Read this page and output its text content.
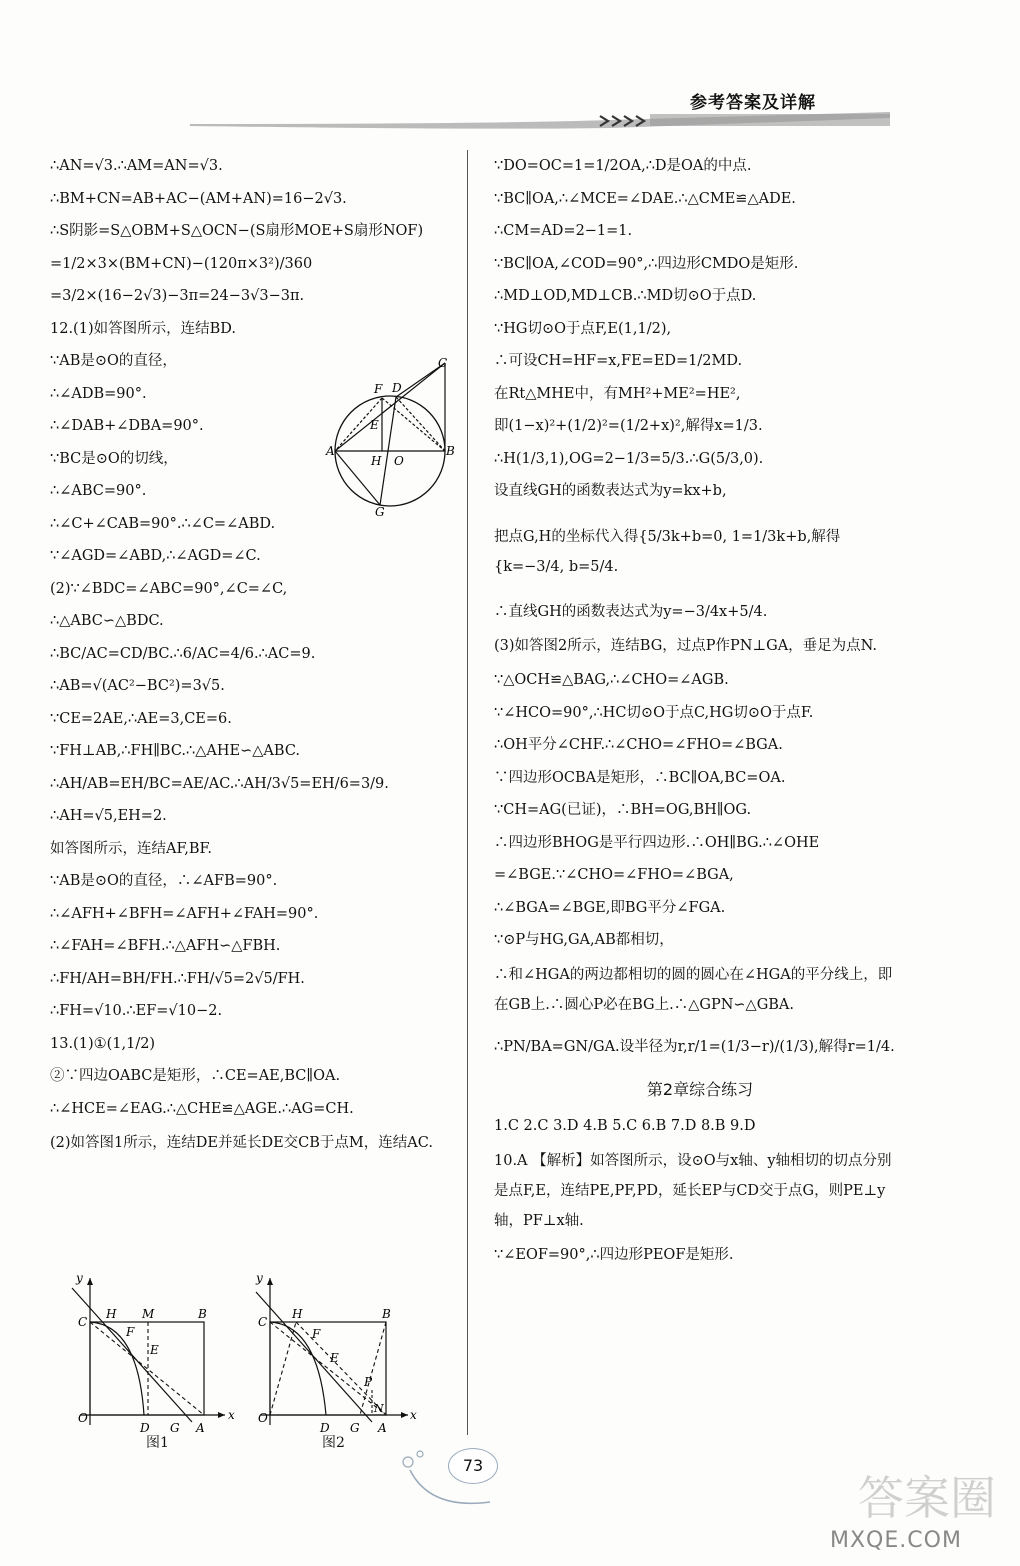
参考答案及详解
∴AN=√3.∴AM=AN=√3.
∴BM+CN=AB+AC−(AM+AN)=16−2√3.
∴S阴影=S△OBM+S△OCN−(S扇形MOE+S扇形NOF)
=1/2×3×(BM+CN)−(120π×3²)/360
=3/2×(16−2√3)−3π=24−3√3−3π.
12.(1)如答图所示，连结BD.
∵AB是⊙O的直径，
∴∠ADB=90°.
∴∠DAB+∠DBA=90°.
∵BC是⊙O的切线，
∴∠ABC=90°.
∴∠C+∠CAB=90°.∴∠C=∠ABD.
∵∠AGD=∠ABD,∴∠AGD=∠C.
(2)∵∠BDC=∠ABC=90°,∠C=∠C,
∴△ABC∽△BDC.
∴BC/AC=CD/BC.∴6/AC=4/6.∴AC=9.
∴AB=√(AC²−BC²)=3√5.
∵CE=2AE,∴AE=3,CE=6.
∵FH⊥AB,∴FH∥BC.∴△AHE∽△ABC.
∴AH/AB=EH/BC=AE/AC.∴AH/3√5=EH/6=3/9.
∴AH=√5,EH=2.
如答图所示，连结AF,BF.
∵AB是⊙O的直径，∴∠AFB=90°.
∴∠AFH+∠BFH=∠AFH+∠FAH=90°.
∴∠FAH=∠BFH.∴△AFH∽△FBH.
∴FH/AH=BH/FH.∴FH/√5=2√5/FH.
∴FH=√10.∴EF=√10−2.
13.(1)①(1,1/2)
②∵四边OABC是矩形，∴CE=AE,BC∥OA.
∴∠HCE=∠EAG.∴△CHE≌△AGE.∴AG=CH.
(2)如答图1所示，连结DE并延长DE交CB于点M，连结AC.
C
F D
E
A	B
H O
G
y
x
O
C
H M	B
F
E
D G A
y
x
O
C
H	B
F
E
P
D G
N
A
图1	图2
∵DO=OC=1=1/2OA,∴D是OA的中点.
∵BC∥OA,∴∠MCE=∠DAE.∴△CME≌△ADE.
∴CM=AD=2−1=1.
∵BC∥OA,∠COD=90°,∴四边形CMDO是矩形.
∴MD⊥OD,MD⊥CB.∴MD切⊙O于点D.
∵HG切⊙O于点F,E(1,1/2),
∴可设CH=HF=x,FE=ED=1/2MD.
在Rt△MHE中，有MH²+ME²=HE²,
即(1−x)²+(1/2)²=(1/2+x)²,解得x=1/3.
∴H(1/3,1),OG=2−1/3=5/3.∴G(5/3,0).
设直线GH的函数表达式为y=kx+b,
把点G,H的坐标代入得{5/3k+b=0, 1=1/3k+b,解得{k=−3/4, b=5/4.
∴直线GH的函数表达式为y=−3/4x+5/4.
(3)如答图2所示，连结BG，过点P作PN⊥GA，垂足为点N.
∵△OCH≌△BAG,∴∠CHO=∠AGB.
∵∠HCO=90°,∴HC切⊙O于点C,HG切⊙O于点F.
∴OH平分∠CHF.∴∠CHO=∠FHO=∠BGA.
∵四边形OCBA是矩形，∴BC∥OA,BC=OA.
∵CH=AG(已证)，∴BH=OG,BH∥OG.
∴四边形BHOG是平行四边形.∴OH∥BG.∴∠OHE
=∠BGE.∵∠CHO=∠FHO=∠BGA,
∴∠BGA=∠BGE,即BG平分∠FGA.
∵⊙P与HG,GA,AB都相切，
∴和∠HGA的两边都相切的圆的圆心在∠HGA的平分线上，即在GB上.∴圆心P必在BG上.∴△GPN∽△GBA.
∴PN/BA=GN/GA.设半径为r,r/1=(1/3−r)/(1/3),解得r=1/4.
第2章综合练习
1.C 2.C 3.D 4.B 5.C 6.B 7.D 8.B 9.D
10.A 【解析】如答图所示，设⊙O与x轴、y轴相切的切点分别是点F,E，连结PE,PF,PD，延长EP与CD交于点G，则PE⊥y轴，PF⊥x轴.
∵∠EOF=90°,∴四边形PEOF是矩形.
73
答案圈
MXQE.COM
